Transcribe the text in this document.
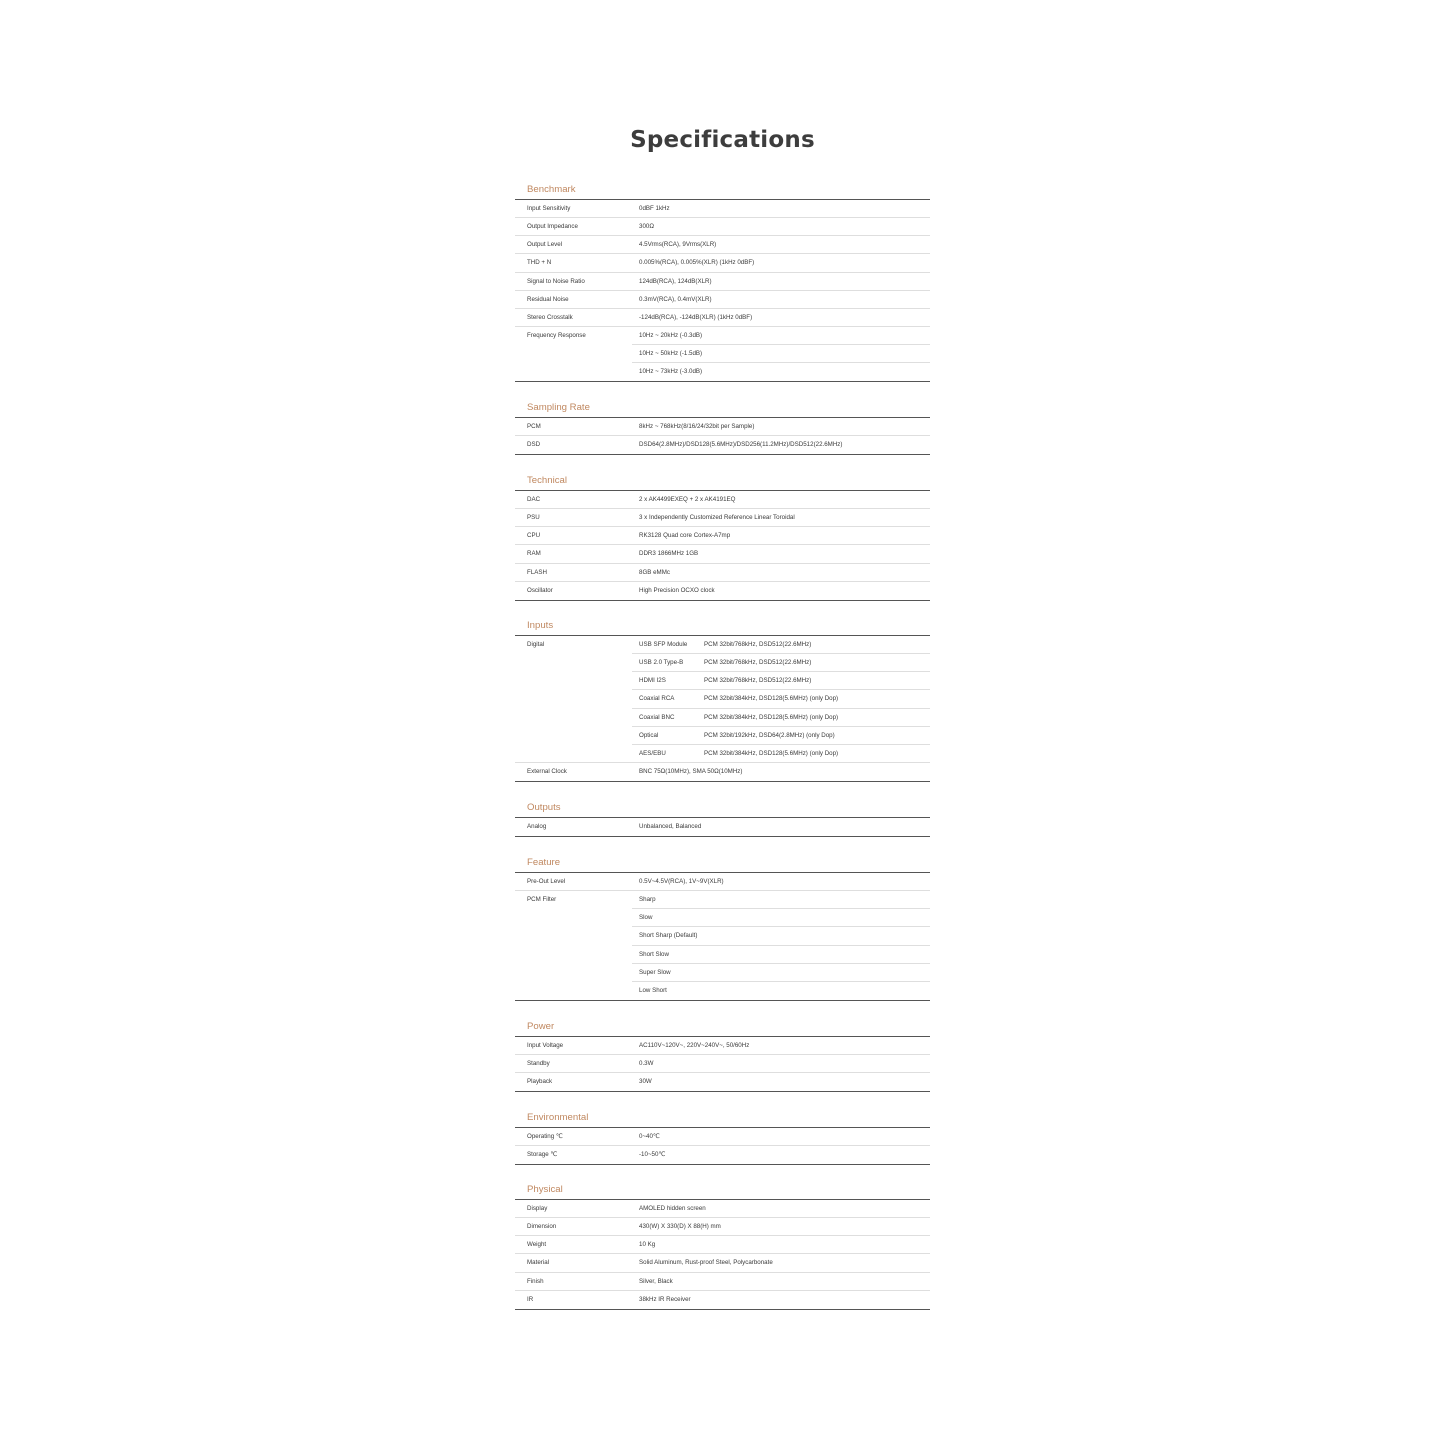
Specifications
Benchmark
Input Sensitivity	0dBF 1kHz
Output Impedance	300Ω
Output Level	4.5Vrms(RCA), 9Vrms(XLR)
THD + N	0.005%(RCA), 0.005%(XLR) (1kHz 0dBF)
Signal to Noise Ratio	124dB(RCA), 124dB(XLR)
Residual Noise	0.3mV(RCA), 0.4mV(XLR)
Stereo Crosstalk	-124dB(RCA), -124dB(XLR) (1kHz 0dBF)
Frequency Response	10Hz ~ 20kHz (-0.3dB)
10Hz ~ 50kHz (-1.5dB)
10Hz ~ 73kHz (-3.0dB)
Sampling Rate
PCM	8kHz ~ 768kHz(8/16/24/32bit per Sample)
DSD	DSD64(2.8MHz)/DSD128(5.6MHz)/DSD256(11.2MHz)/DSD512(22.6MHz)
Technical
DAC	2 x AK4499EXEQ + 2 x AK4191EQ
PSU	3 x Independently Customized Reference Linear Toroidal
CPU	RK3128 Quad core Cortex-A7mp
RAM	DDR3 1866MHz 1GB
FLASH	8GB eMMc
Oscillator	High Precision OCXO clock
Inputs
Digital	USB SFP Module	PCM 32bit/768kHz, DSD512(22.6MHz)
USB 2.0 Type-B	PCM 32bit/768kHz, DSD512(22.6MHz)
HDMI I2S	PCM 32bit/768kHz, DSD512(22.6MHz)
Coaxial RCA	PCM 32bit/384kHz, DSD128(5.6MHz) (only Dop)
Coaxial BNC	PCM 32bit/384kHz, DSD128(5.6MHz) (only Dop)
Optical	PCM 32bit/192kHz, DSD64(2.8MHz) (only Dop)
AES/EBU	PCM 32bit/384kHz, DSD128(5.6MHz) (only Dop)
External Clock	BNC 75Ω(10MHz), SMA 50Ω(10MHz)
Outputs
Analog	Unbalanced, Balanced
Feature
Pre-Out Level	0.5V~4.5V(RCA), 1V~9V(XLR)
PCM Filter	Sharp
Slow
Short Sharp (Default)
Short Slow
Super Slow
Low Short
Power
Input Voltage	AC110V~120V~, 220V~240V~, 50/60Hz
Standby	0.3W
Playback	30W
Environmental
Operating ℃	0~40℃
Storage ℃	-10~50℃
Physical
Display	AMOLED hidden screen
Dimension	430(W) X 330(D) X 88(H) mm
Weight	10 Kg
Material	Solid Aluminum, Rust-proof Steel, Polycarbonate
Finish	Silver, Black
IR	38kHz IR Receiver
